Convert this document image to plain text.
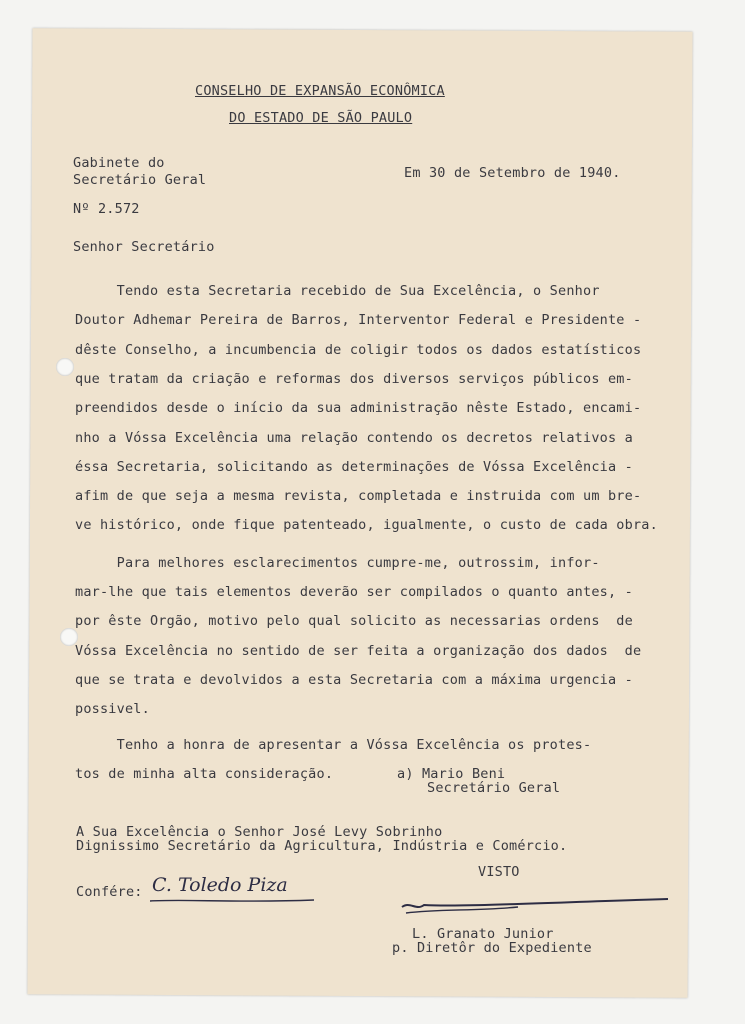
CONSELHO DE EXPANSÃO ECONÔMICA
DO ESTADO DE SÃO PAULO
Gabinete do
Secretário Geral	Em 30 de Setembro de 1940.
Nº 2.572
Senhor Secretário
Tendo esta Secretaria recebido de Sua Excelência, o Senhor
Doutor Adhemar Pereira de Barros, Interventor Federal e Presidente -
dêste Conselho, a incumbencia de coligir todos os dados estatísticos
que tratam da criação e reformas dos diversos serviços públicos em-
preendidos desde o início da sua administração nêste Estado, encami-
nho a Vóssa Excelência uma relação contendo os decretos relativos a
éssa Secretaria, solicitando as determinações de Vóssa Excelência -
afim de que seja a mesma revista, completada e instruida com um bre-
ve histórico, onde fique patenteado, igualmente, o custo de cada obra.
Para melhores esclarecimentos cumpre-me, outrossim, infor-
mar-lhe que tais elementos deverão ser compilados o quanto antes, -
por êste Orgão, motivo pelo qual solicito as necessarias ordens  de
Vóssa Excelência no sentido de ser feita a organização dos dados  de
que se trata e devolvidos a esta Secretaria com a máxima urgencia -
possivel.
Tenho a honra de apresentar a Vóssa Excelência os protes-
tos de minha alta consideração.	a) Mario Beni
Secretário Geral
A Sua Excelência o Senhor José Levy Sobrinho
Dignissimo Secretário da Agricultura, Indústria e Comércio.
VISTO
Confére: C. Toledo Piza
L. Granato Junior
p. Diretôr do Expediente
